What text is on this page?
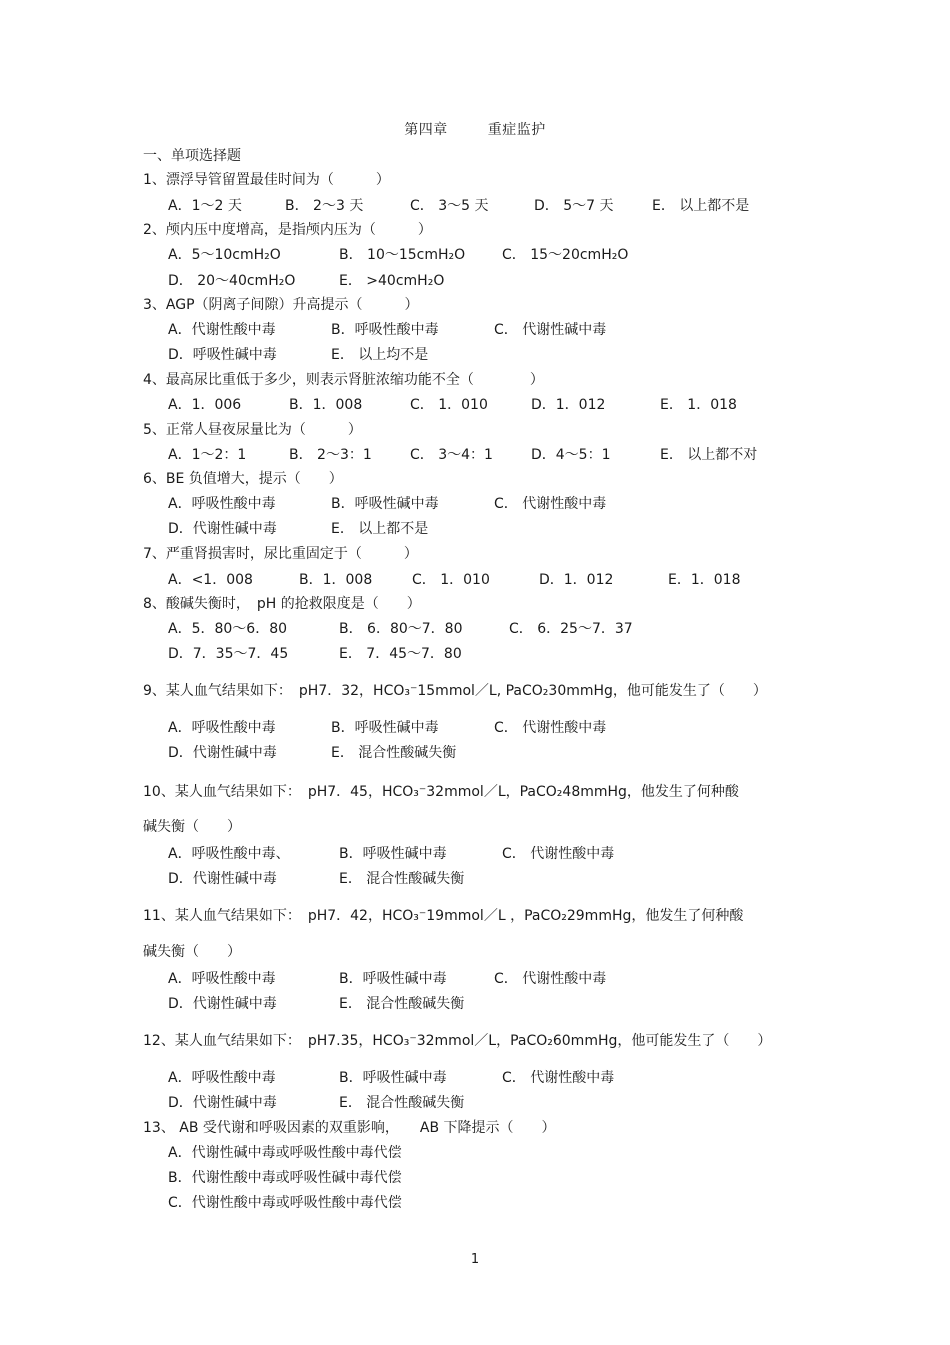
第四章	重症监护
一、单项选择题
1、漂浮导管留置最佳时间为（　　　）
A．1～2 天	B． 2～3 天	C． 3～5 天	D． 5～7 天	E． 以上都不是
2、颅内压中度增高，是指颅内压为（　　　）
A．5～10cmH₂O	B． 10～15cmH₂O	C． 15～20cmH₂O
D． 20～40cmH₂O	E． >40cmH₂O
3、AGP（阴离子间隙）升高提示（　　　）
A．代谢性酸中毒	B．呼吸性酸中毒	C． 代谢性碱中毒
D．呼吸性碱中毒	E． 以上均不是
4、最高尿比重低于多少，则表示肾脏浓缩功能不全（　　　　）
A．1．006	B．1．008	C． 1．010	D．1．012	E． 1．018
5、正常人昼夜尿量比为（　　　）
A．1～2：1	B． 2～3：1	C． 3～4：1	D．4～5：1	E． 以上都不对
6、BE 负值增大，提示（　　）
A．呼吸性酸中毒	B．呼吸性碱中毒	C． 代谢性酸中毒
D．代谢性碱中毒	E． 以上都不是
7、严重肾损害时，尿比重固定于（　　　）
A．<1．008	B．1．008	C． 1．010	D．1．012	E．1．018
8、酸碱失衡时，　pH 的抢救限度是（　　）
A．5．80～6．80	B． 6．80～7．80	C． 6．25～7．37
D．7．35～7．45	E． 7．45～7．80
9、某人血气结果如下：　pH7．32，HCO₃⁻15mmol／L, PaCO₂30mmHg，他可能发生了（　　）
A．呼吸性酸中毒	B．呼吸性碱中毒	C． 代谢性酸中毒
D．代谢性碱中毒	E． 混合性酸碱失衡
10、某人血气结果如下：　pH7．45，HCO₃⁻32mmol／L，PaCO₂48mmHg，他发生了何种酸
碱失衡（　　）
A．呼吸性酸中毒、	B．呼吸性碱中毒	C． 代谢性酸中毒
D．代谢性碱中毒	E． 混合性酸碱失衡
11、某人血气结果如下：　pH7．42，HCO₃⁻19mmol／L ，PaCO₂29mmHg，他发生了何种酸
碱失衡（　　）
A．呼吸性酸中毒	B．呼吸性碱中毒	C． 代谢性酸中毒
D．代谢性碱中毒	E． 混合性酸碱失衡
12、某人血气结果如下：　pH7.35，HCO₃⁻32mmol／L，PaCO₂60mmHg，他可能发生了（　　）
A．呼吸性酸中毒	B．呼吸性碱中毒	C． 代谢性酸中毒
D．代谢性碱中毒	E． 混合性酸碱失衡
13、 AB 受代谢和呼吸因素的双重影响，　　AB 下降提示（　　）
A．代谢性碱中毒或呼吸性酸中毒代偿
B．代谢性酸中毒或呼吸性碱中毒代偿
C．代谢性酸中毒或呼吸性酸中毒代偿
1
